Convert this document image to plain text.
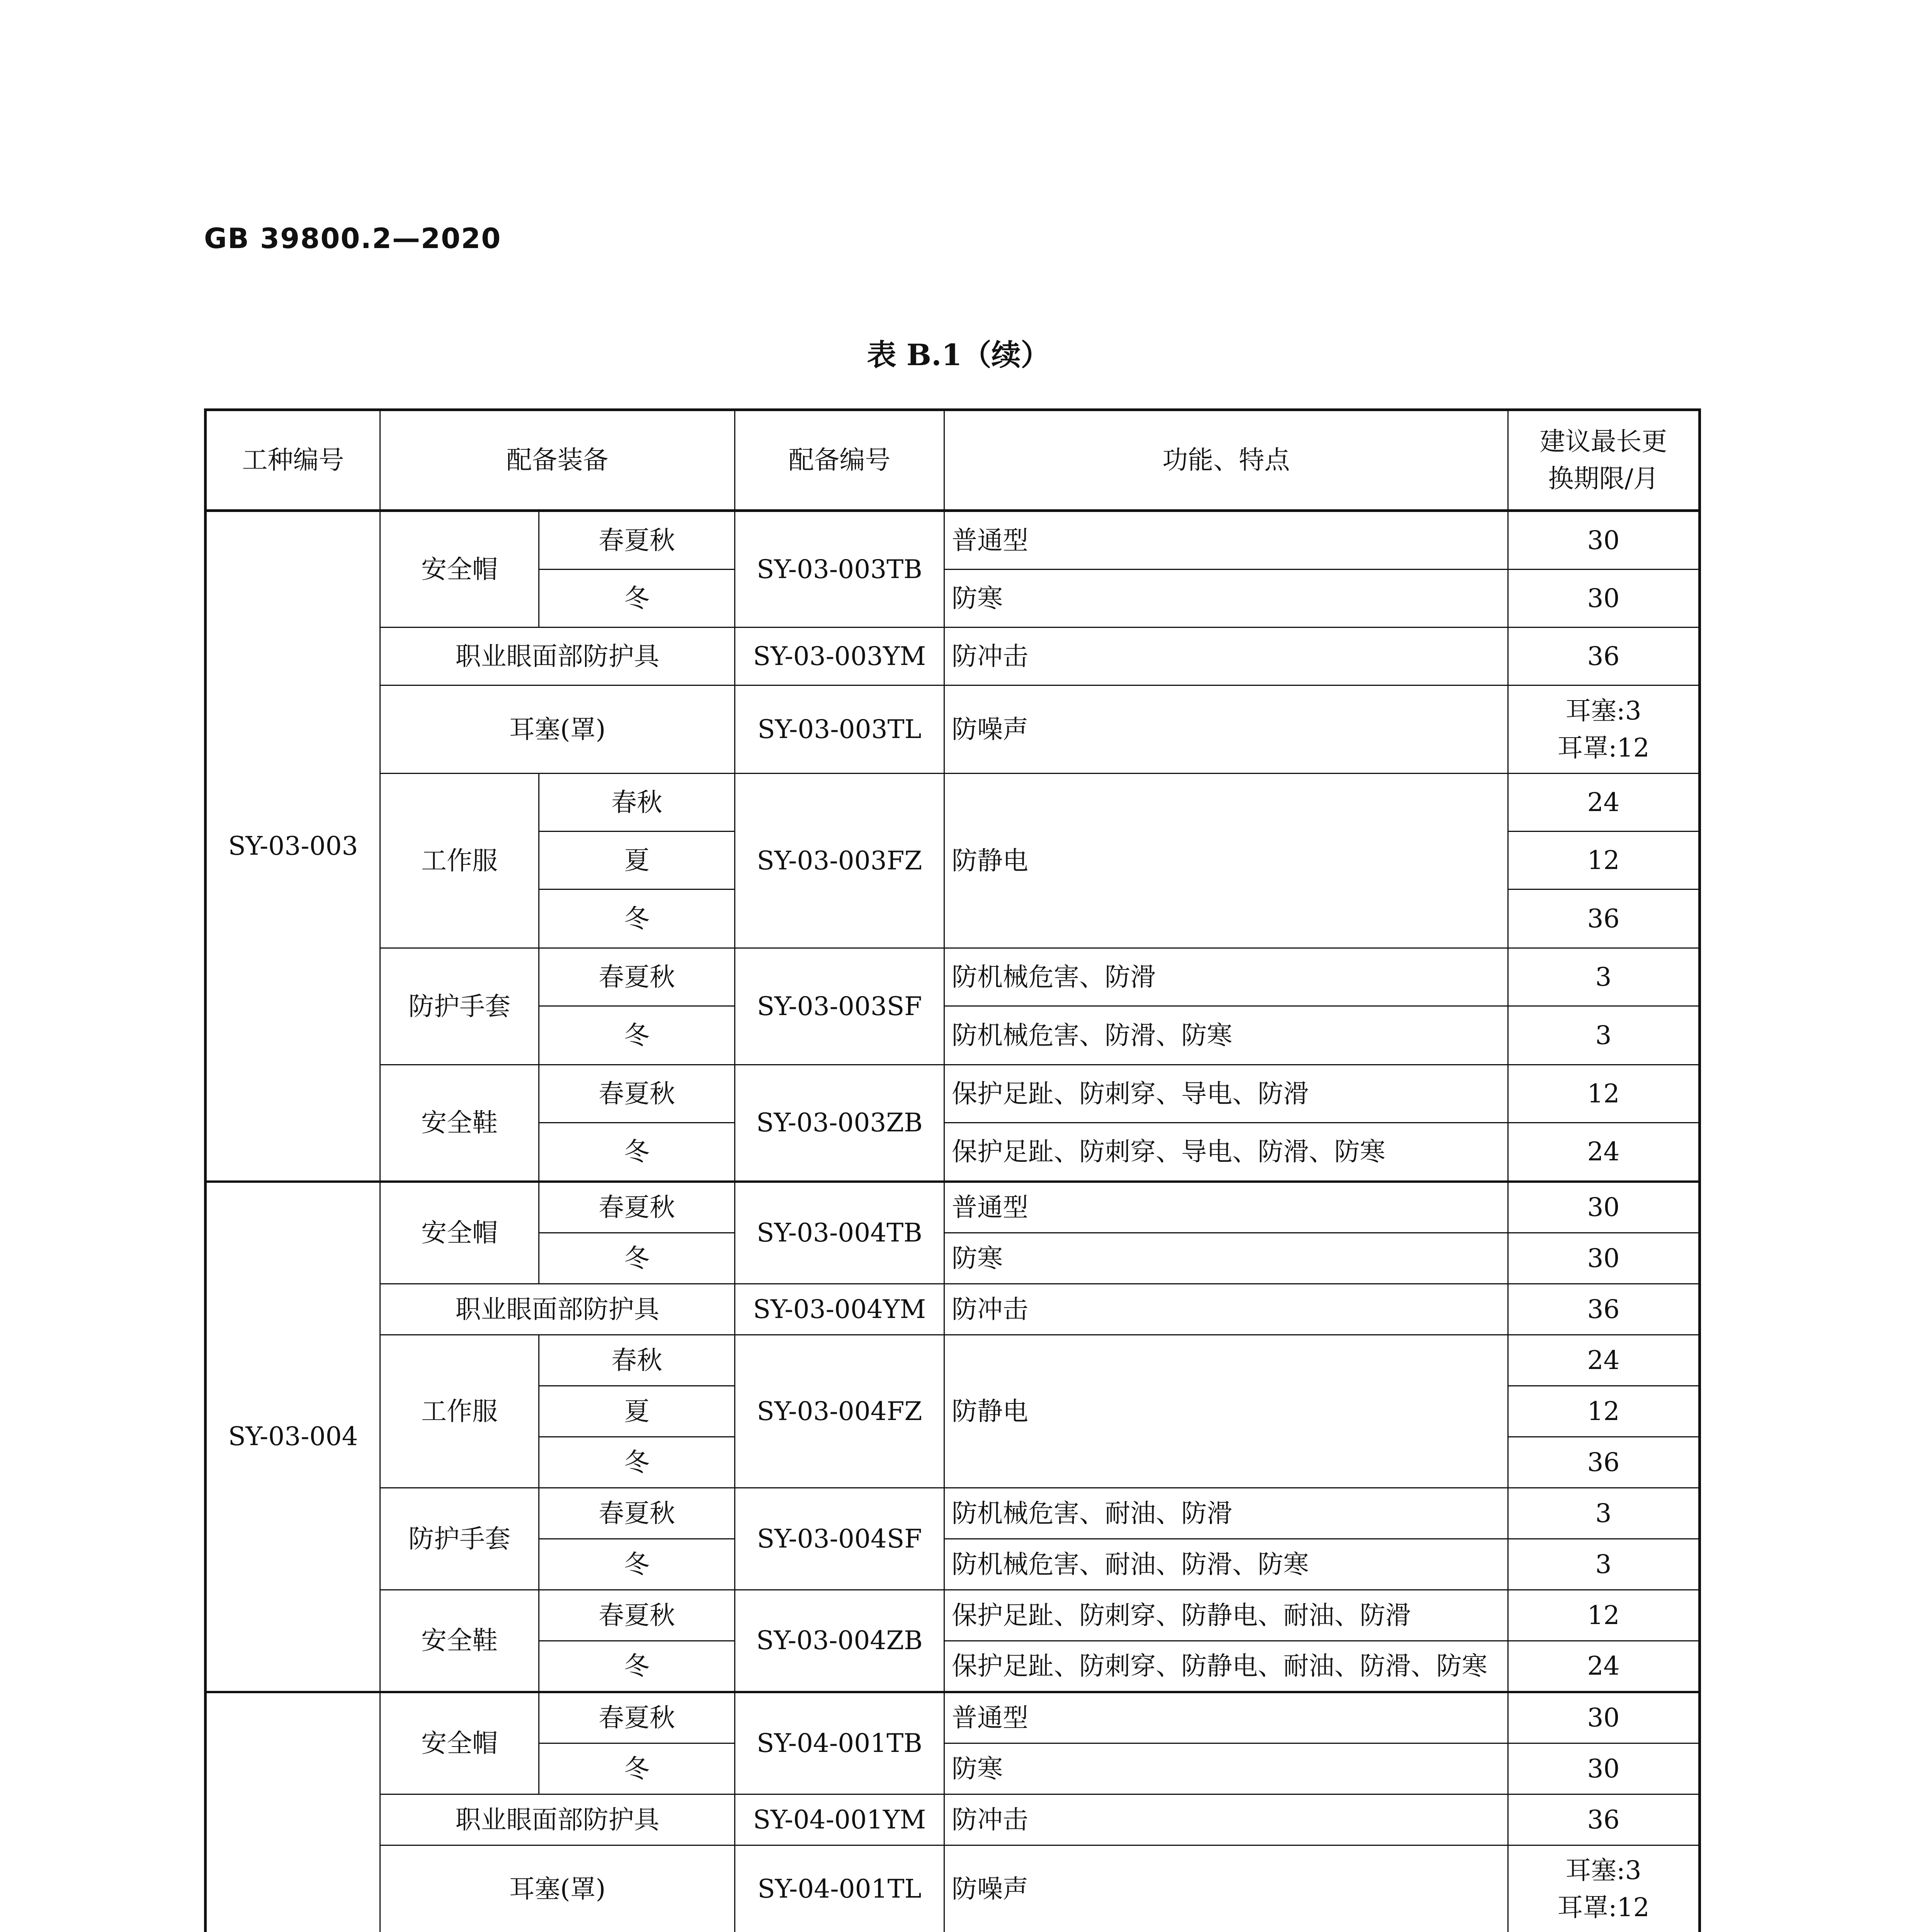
GB 39800.2—2020
表 B.1（续）
工种编号	配备装备		配备编号	功能、特点	建议最长更
换期限/月

SY-03-003	安全帽	春夏秋	SY-03-003TB	普通型	30
		冬		防寒	30
	职业眼面部防护具		SY-03-003YM	防冲击	36
	耳塞(罩)		SY-03-003TL	防噪声	耳塞:3
耳罩:12

	工作服	春秋	SY-03-003FZ	防静电	24
		夏			12
		冬			36
	防护手套	春夏秋	SY-03-003SF	防机械危害、防滑	3
		冬		防机械危害、防滑、防寒	3
	安全鞋	春夏秋	SY-03-003ZB	保护足趾、防刺穿、导电、防滑	12
		冬		保护足趾、防刺穿、导电、防滑、防寒	24
SY-03-004	安全帽	春夏秋	SY-03-004TB	普通型	30
		冬		防寒	30
	职业眼面部防护具		SY-03-004YM	防冲击	36
	工作服	春秋	SY-03-004FZ	防静电	24
		夏			12
		冬			36
	防护手套	春夏秋	SY-03-004SF	防机械危害、耐油、防滑	3
		冬		防机械危害、耐油、防滑、防寒	3
	安全鞋	春夏秋	SY-03-004ZB	保护足趾、防刺穿、防静电、耐油、防滑	12
		冬		保护足趾、防刺穿、防静电、耐油、防滑、防寒	24
	安全帽	春夏秋	SY-04-001TB	普通型	30
		冬		防寒	30
	职业眼面部防护具		SY-04-001YM	防冲击	36
	耳塞(罩)		SY-04-001TL	防噪声	耳塞:3
耳罩:12
